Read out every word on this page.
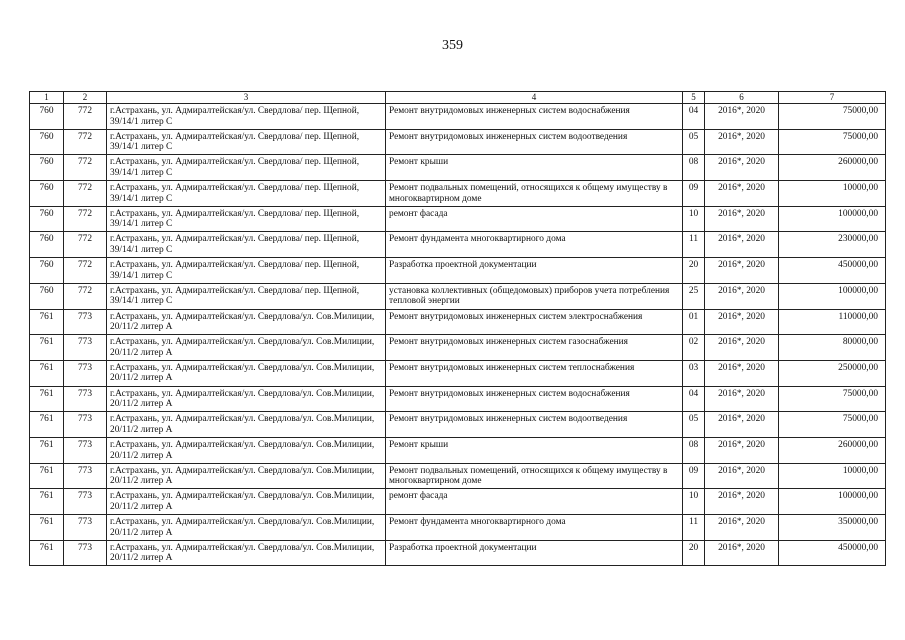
359
1	2	3	4	5	6	7
760	772	г.Астрахань, ул. Адмиралтейская/ул. Свердлова/ пер. Щепной, 39/14/1 литер С	Ремонт внутридомовых инженерных систем водоснабжения	04	2016*, 2020	75000,00
760	772	г.Астрахань, ул. Адмиралтейская/ул. Свердлова/ пер. Щепной, 39/14/1 литер С	Ремонт внутридомовых инженерных систем водоотведения	05	2016*, 2020	75000,00
760	772	г.Астрахань, ул. Адмиралтейская/ул. Свердлова/ пер. Щепной, 39/14/1 литер С	Ремонт крыши	08	2016*, 2020	260000,00
760	772	г.Астрахань, ул. Адмиралтейская/ул. Свердлова/ пер. Щепной, 39/14/1 литер С	Ремонт подвальных помещений, относящихся к общему имуществу в многоквартирном доме	09	2016*, 2020	10000,00
760	772	г.Астрахань, ул. Адмиралтейская/ул. Свердлова/ пер. Щепной, 39/14/1 литер С	ремонт фасада	10	2016*, 2020	100000,00
760	772	г.Астрахань, ул. Адмиралтейская/ул. Свердлова/ пер. Щепной, 39/14/1 литер С	Ремонт фундамента многоквартирного дома	11	2016*, 2020	230000,00
760	772	г.Астрахань, ул. Адмиралтейская/ул. Свердлова/ пер. Щепной, 39/14/1 литер С	Разработка проектной документации	20	2016*, 2020	450000,00
760	772	г.Астрахань, ул. Адмиралтейская/ул. Свердлова/ пер. Щепной, 39/14/1 литер С	установка коллективных (общедомовых) приборов учета потребления тепловой энергии	25	2016*, 2020	100000,00
761	773	г.Астрахань, ул. Адмиралтейская/ул. Свердлова/ул. Сов.Милиции, 20/11/2 литер А	Ремонт внутридомовых инженерных систем электроснабжения	01	2016*, 2020	110000,00
761	773	г.Астрахань, ул. Адмиралтейская/ул. Свердлова/ул. Сов.Милиции, 20/11/2 литер А	Ремонт внутридомовых инженерных систем газоснабжения	02	2016*, 2020	80000,00
761	773	г.Астрахань, ул. Адмиралтейская/ул. Свердлова/ул. Сов.Милиции, 20/11/2 литер А	Ремонт внутридомовых инженерных систем теплоснабжения	03	2016*, 2020	250000,00
761	773	г.Астрахань, ул. Адмиралтейская/ул. Свердлова/ул. Сов.Милиции, 20/11/2 литер А	Ремонт внутридомовых инженерных систем водоснабжения	04	2016*, 2020	75000,00
761	773	г.Астрахань, ул. Адмиралтейская/ул. Свердлова/ул. Сов.Милиции, 20/11/2 литер А	Ремонт внутридомовых инженерных систем водоотведения	05	2016*, 2020	75000,00
761	773	г.Астрахань, ул. Адмиралтейская/ул. Свердлова/ул. Сов.Милиции, 20/11/2 литер А	Ремонт крыши	08	2016*, 2020	260000,00
761	773	г.Астрахань, ул. Адмиралтейская/ул. Свердлова/ул. Сов.Милиции, 20/11/2 литер А	Ремонт подвальных помещений, относящихся к общему имуществу в многоквартирном доме	09	2016*, 2020	10000,00
761	773	г.Астрахань, ул. Адмиралтейская/ул. Свердлова/ул. Сов.Милиции, 20/11/2 литер А	ремонт фасада	10	2016*, 2020	100000,00
761	773	г.Астрахань, ул. Адмиралтейская/ул. Свердлова/ул. Сов.Милиции, 20/11/2 литер А	Ремонт фундамента многоквартирного дома	11	2016*, 2020	350000,00
761	773	г.Астрахань, ул. Адмиралтейская/ул. Свердлова/ул. Сов.Милиции, 20/11/2 литер А	Разработка проектной документации	20	2016*, 2020	450000,00
